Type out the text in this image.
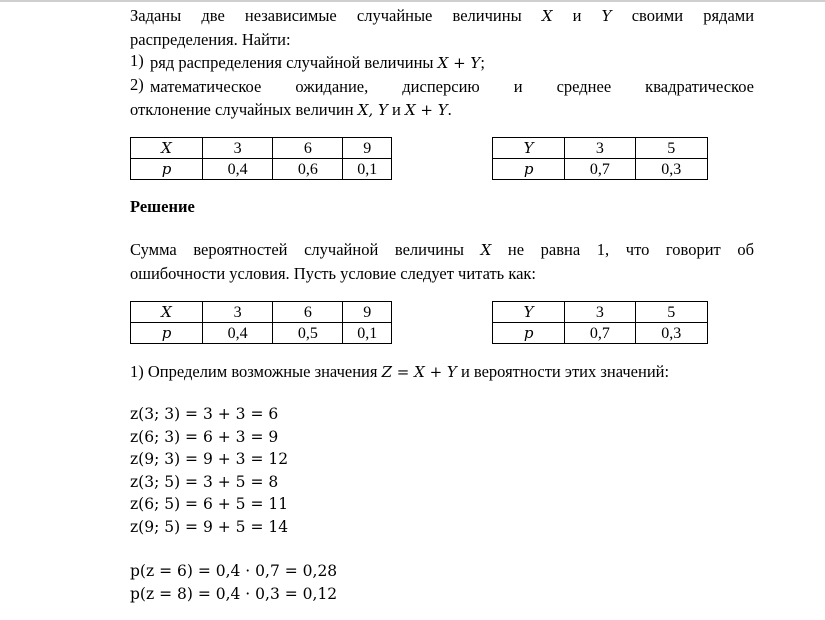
Заданы две независимые случайные величины X и Y своими рядами

распределения. Найти:

1) ряд распределения случайной величины X + Y;

2) математическое ожидание, дисперсию и среднее квадратическое

отклонение случайных величин X, Y и X + Y.

X	3	6	9
p	0,4	0,6	0,1
Y	3	5
p	0,7	0,3

Решение

Сумма вероятностей случайной величины X не равна 1, что говорит об

ошибочности условия. Пусть условие следует читать как:

X	3	6	9
p	0,4	0,5	0,1
Y	3	5
p	0,7	0,3

1) Определим возможные значения Z = X + Y и вероятности этих значений:

z(3; 3) = 3 + 3 = 6
z(6; 3) = 6 + 3 = 9
z(9; 3) = 9 + 3 = 12
z(3; 5) = 3 + 5 = 8
z(6; 5) = 6 + 5 = 11
z(9; 5) = 9 + 5 = 14
p(z = 6) = 0,4 · 0,7 = 0,28
p(z = 8) = 0,4 · 0,3 = 0,12
